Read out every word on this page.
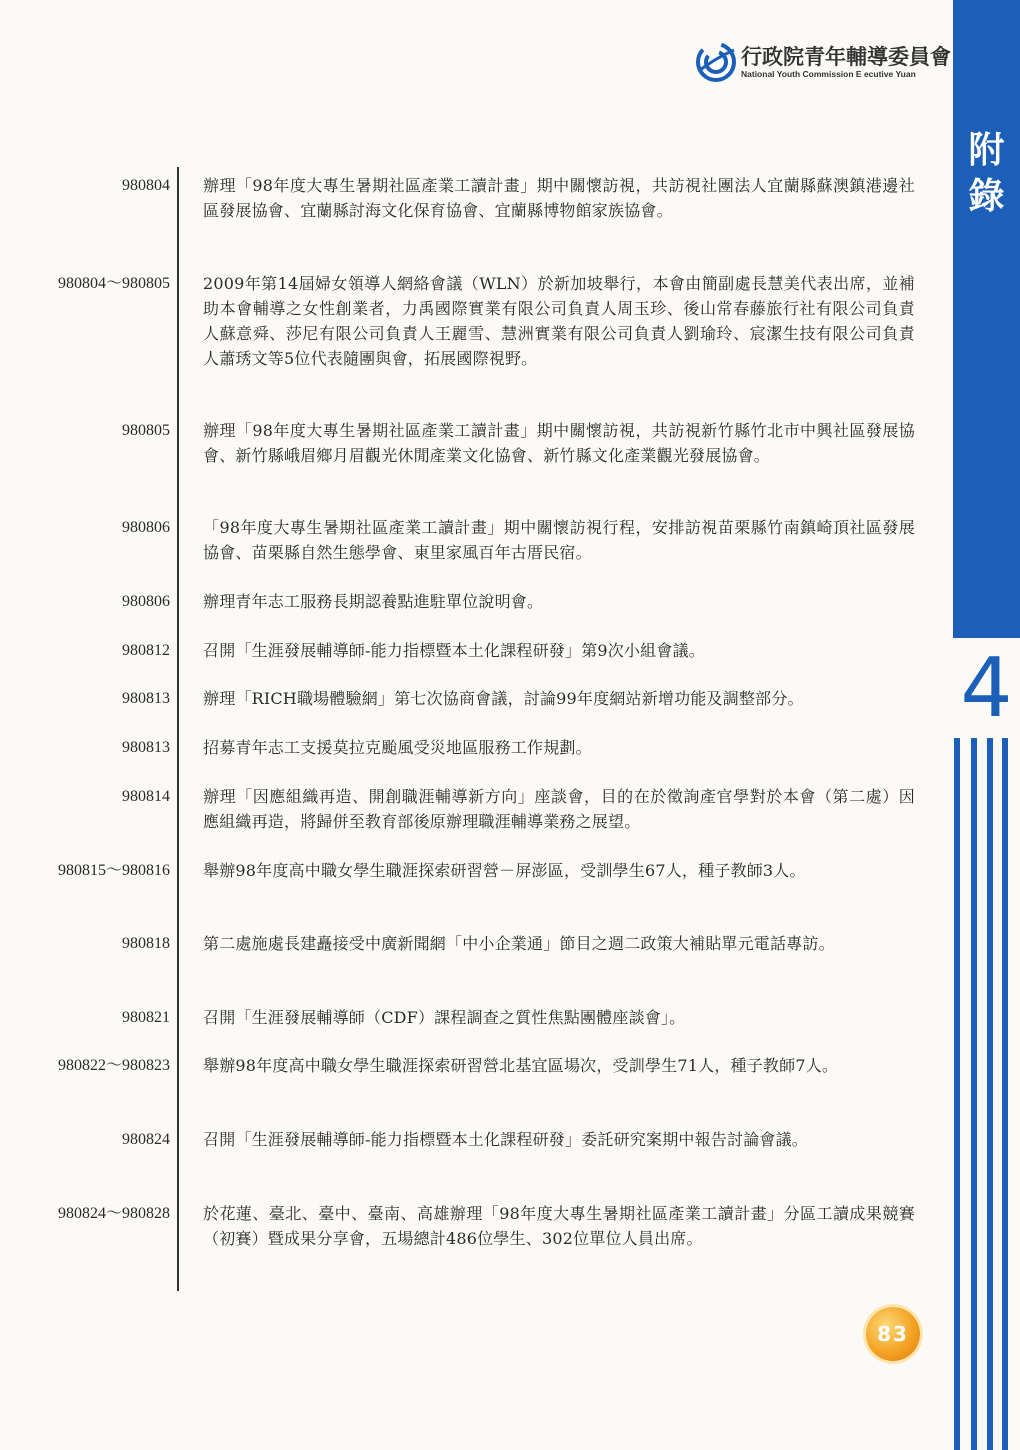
附
錄
4
行政院青年輔導委員會
National Youth Commission E ecutive Yuan
980804 辦理「98年度大專生暑期社區產業工讀計畫」期中關懷訪視，共訪視社團法人宜蘭縣蘇澳鎮港邊社區發展協會、宜蘭縣討海文化保育協會、宜蘭縣博物館家族協會。
980804～980805 2009年第14屆婦女領導人網絡會議（WLN）於新加坡舉行，本會由簡副處長慧美代表出席，並補助本會輔導之女性創業者，力禹國際實業有限公司負責人周玉珍、後山常春藤旅行社有限公司負責人蘇意舜、莎尼有限公司負責人王麗雪、慧洲實業有限公司負責人劉瑜玲、宸潔生技有限公司負責人蕭琇文等5位代表隨團與會，拓展國際視野。
980805 辦理「98年度大專生暑期社區產業工讀計畫」期中關懷訪視，共訪視新竹縣竹北市中興社區發展協會、新竹縣峨眉鄉月眉觀光休閒產業文化協會、新竹縣文化產業觀光發展協會。
980806 「98年度大專生暑期社區產業工讀計畫」期中關懷訪視行程，安排訪視苗栗縣竹南鎮崎頂社區發展協會、苗栗縣自然生態學會、東里家風百年古厝民宿。
980806 辦理青年志工服務長期認養點進駐單位說明會。
980812 召開「生涯發展輔導師-能力指標暨本土化課程研發」第9次小組會議。
980813 辦理「RICH職場體驗網」第七次協商會議，討論99年度網站新增功能及調整部分。
980813 招募青年志工支援莫拉克颱風受災地區服務工作規劃。
980814 辦理「因應組織再造、開創職涯輔導新方向」座談會，目的在於徵詢產官學對於本會（第二處）因應組織再造，將歸併至教育部後原辦理職涯輔導業務之展望。
980815～980816 舉辦98年度高中職女學生職涯探索研習營－屏澎區，受訓學生67人，種子教師3人。
980818 第二處施處長建矗接受中廣新聞網「中小企業通」節目之週二政策大補貼單元電話專訪。
980821 召開「生涯發展輔導師（CDF）課程調查之質性焦點團體座談會」。
980822～980823 舉辦98年度高中職女學生職涯探索研習營北基宜區場次，受訓學生71人，種子教師7人。
980824 召開「生涯發展輔導師-能力指標暨本土化課程研發」委託研究案期中報告討論會議。
980824～980828 於花蓮、臺北、臺中、臺南、高雄辦理「98年度大專生暑期社區產業工讀計畫」分區工讀成果競賽（初賽）暨成果分享會，五場總計486位學生、302位單位人員出席。
83
